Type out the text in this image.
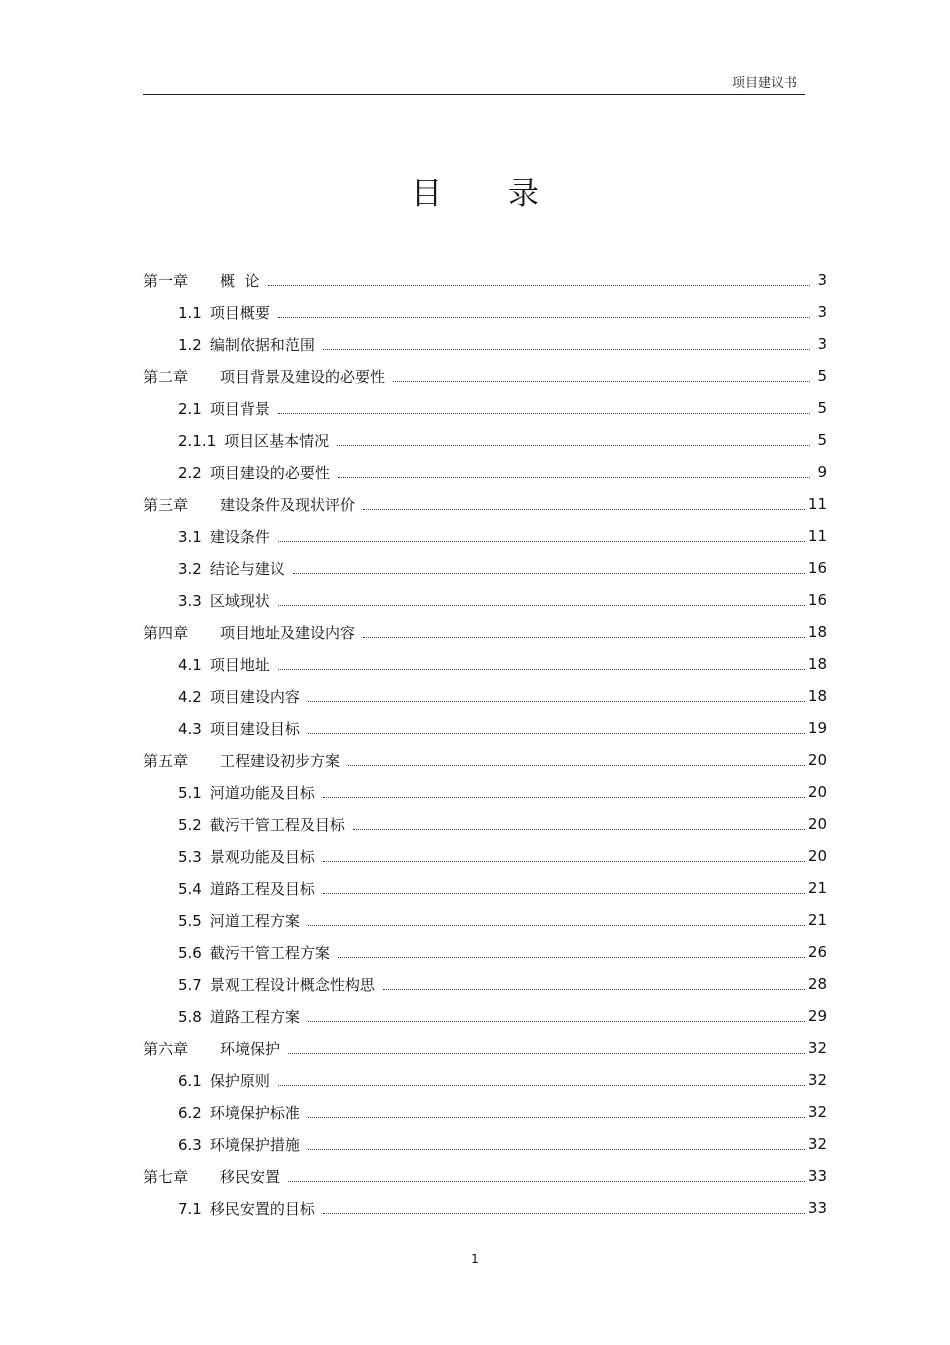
项目建议书
目 录
第一章 概  论	3
1.1 项目概要	3
1.2 编制依据和范围	3
第二章 项目背景及建设的必要性	5
2.1 项目背景	5
2.1.1 项目区基本情况	5
2.2 项目建设的必要性	9
第三章 建设条件及现状评价	11
3.1 建设条件	11
3.2 结论与建议	16
3.3 区域现状	16
第四章 项目地址及建设内容	18
4.1 项目地址	18
4.2 项目建设内容	18
4.3 项目建设目标	19
第五章 工程建设初步方案	20
5.1 河道功能及目标	20
5.2 截污干管工程及目标	20
5.3 景观功能及目标	20
5.4 道路工程及目标	21
5.5 河道工程方案	21
5.6 截污干管工程方案	26
5.7 景观工程设计概念性构思	28
5.8 道路工程方案	29
第六章 环境保护	32
6.1 保护原则	32
6.2 环境保护标准	32
6.3 环境保护措施	32
第七章 移民安置	33
7.1 移民安置的目标	33
1
